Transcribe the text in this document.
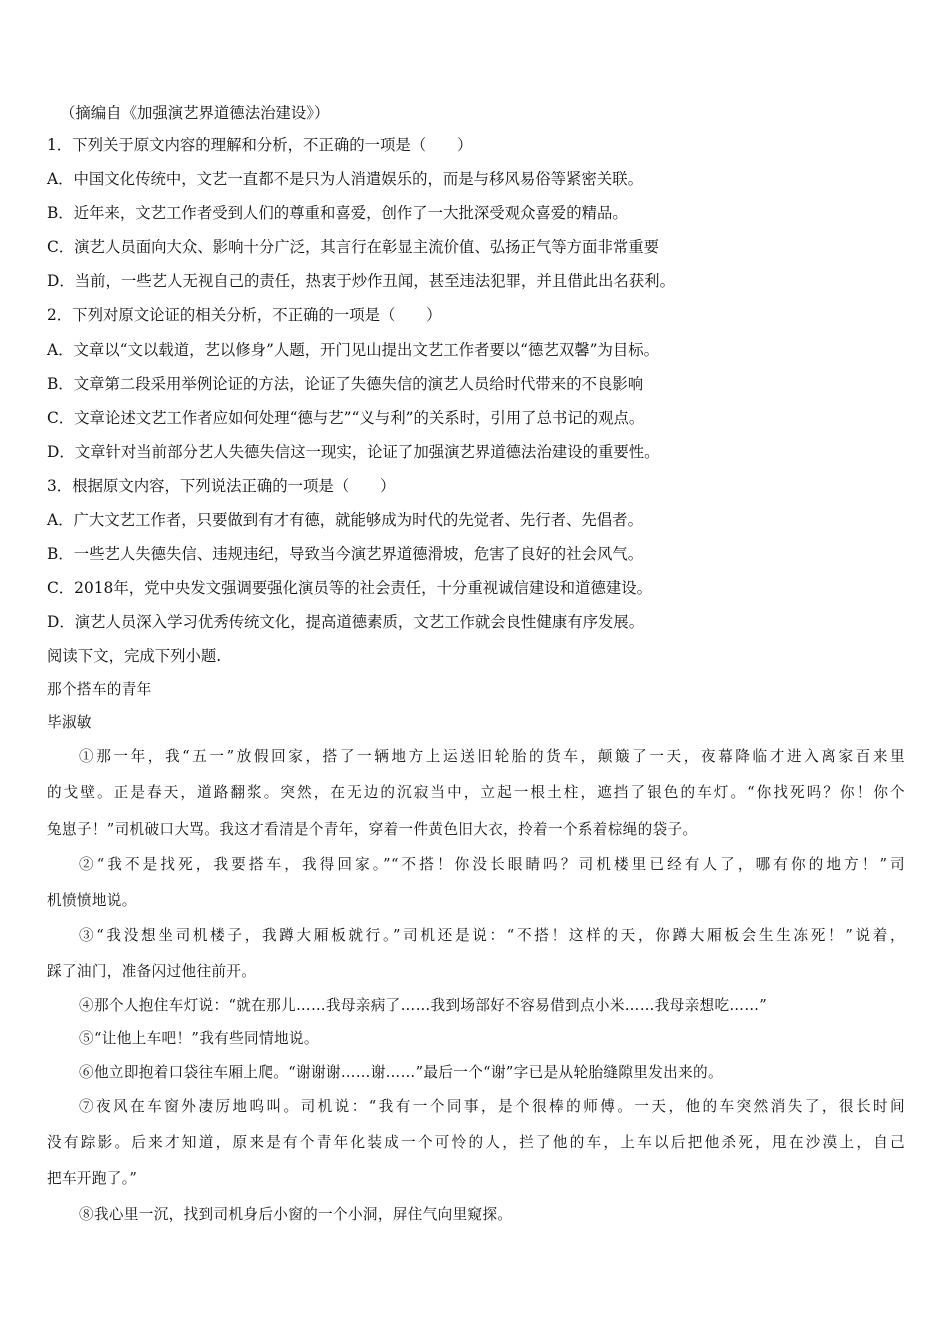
（摘编自《加强演艺界道德法治建设》）
1．下列关于原文内容的理解和分析，不正确的一项是（　　）
A．中国文化传统中，文艺一直都不是只为人消遣娱乐的，而是与移风易俗等紧密关联。
B．近年来，文艺工作者受到人们的尊重和喜爱，创作了一大批深受观众喜爱的精品。
C．演艺人员面向大众、影响十分广泛，其言行在彰显主流价值、弘扬正气等方面非常重要
D．当前，一些艺人无视自己的责任，热衷于炒作丑闻，甚至违法犯罪，并且借此出名获利。
2．下列对原文论证的相关分析，不正确的一项是（　　）
A．文章以“文以载道，艺以修身”人题，开门见山提出文艺工作者要以“德艺双馨”为目标。
B．文章第二段采用举例论证的方法，论证了失德失信的演艺人员给时代带来的不良影响
C．文章论述文艺工作者应如何处理“德与艺”“义与利”的关系时，引用了总书记的观点。
D．文章针对当前部分艺人失德失信这一现实，论证了加强演艺界道德法治建设的重要性。
3．根据原文内容，下列说法正确的一项是（　　）
A．广大文艺工作者，只要做到有才有德，就能够成为时代的先觉者、先行者、先倡者。
B．一些艺人失德失信、违规违纪，导致当今演艺界道德滑坡，危害了良好的社会风气。
C．2018年，党中央发文强调要强化演员等的社会责任，十分重视诚信建设和道德建设。
D．演艺人员深入学习优秀传统文化，提高道德素质，文艺工作就会良性健康有序发展。
阅读下文，完成下列小题.
那个搭车的青年
毕淑敏
①那一年，我“五一”放假回家，搭了一辆地方上运送旧轮胎的货车，颠簸了一天，夜幕降临才进入离家百来里
的戈壁。正是春天，道路翻浆。突然，在无边的沉寂当中，立起一根土柱，遮挡了银色的车灯。“你找死吗？你！你个
兔崽子！”司机破口大骂。我这才看清是个青年，穿着一件黄色旧大衣，拎着一个系着棕绳的袋子。
②“我不是找死，我要搭车，我得回家。”“不搭！你没长眼睛吗？司机楼里已经有人了，哪有你的地方！”司
机愤愤地说。
③“我没想坐司机楼子，我蹲大厢板就行。”司机还是说：“不搭！这样的天，你蹲大厢板会生生冻死！”说着，
踩了油门，准备闪过他往前开。
④那个人抱住车灯说：“就在那儿……我母亲病了……我到场部好不容易借到点小米……我母亲想吃……”
⑤“让他上车吧！”我有些同情地说。
⑥他立即抱着口袋往车厢上爬。“谢谢谢……谢……”最后一个“谢”字已是从轮胎缝隙里发出来的。
⑦夜风在车窗外凄厉地呜叫。司机说：“我有一个同事，是个很棒的师傅。一天，他的车突然消失了，很长时间
没有踪影。后来才知道，原来是有个青年化装成一个可怜的人，拦了他的车，上车以后把他杀死，甩在沙漠上，自己
把车开跑了。”
⑧我心里一沉，找到司机身后小窗的一个小洞，屏住气向里窥探。
